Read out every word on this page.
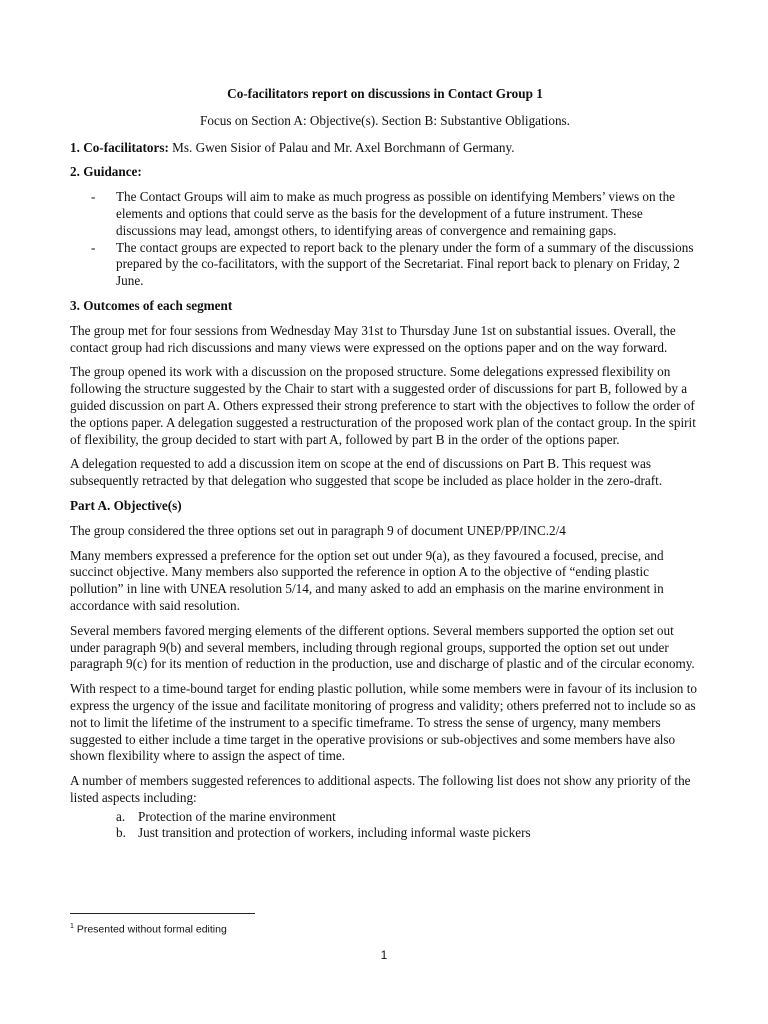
Co-facilitators report on discussions in Contact Group 1

Focus on Section A: Objective(s). Section B: Substantive Obligations.

1. Co-facilitators: Ms. Gwen Sisior of Palau and Mr. Axel Borchmann of Germany.

2. Guidance:

- The Contact Groups will aim to make as much progress as possible on identifying Members’ views on the elements and options that could serve as the basis for the development of a future instrument. These discussions may lead, amongst others, to identifying areas of convergence and remaining gaps.
- The contact groups are expected to report back to the plenary under the form of a summary of the discussions prepared by the co-facilitators, with the support of the Secretariat. Final report back to plenary on Friday, 2 June.

3. Outcomes of each segment

The group met for four sessions from Wednesday May 31st to Thursday June 1st on substantial issues. Overall, the contact group had rich discussions and many views were expressed on the options paper and on the way forward.

The group opened its work with a discussion on the proposed structure. Some delegations expressed flexibility on following the structure suggested by the Chair to start with a suggested order of discussions for part B, followed by a guided discussion on part A. Others expressed their strong preference to start with the objectives to follow the order of the options paper. A delegation suggested a restructuration of the proposed work plan of the contact group. In the spirit of flexibility, the group decided to start with part A, followed by part B in the order of the options paper.

A delegation requested to add a discussion item on scope at the end of discussions on Part B. This request was subsequently retracted by that delegation who suggested that scope be included as place holder in the zero-draft.

Part A. Objective(s)

The group considered the three options set out in paragraph 9 of document UNEP/PP/INC.2/4

Many members expressed a preference for the option set out under 9(a), as they favoured a focused, precise, and succinct objective. Many members also supported the reference in option A to the objective of “ending plastic pollution” in line with UNEA resolution 5/14, and many asked to add an emphasis on the marine environment in accordance with said resolution.

Several members favored merging elements of the different options. Several members supported the option set out under paragraph 9(b) and several members, including through regional groups, supported the option set out under paragraph 9(c) for its mention of reduction in the production, use and discharge of plastic and of the circular economy.

With respect to a time-bound target for ending plastic pollution, while some members were in favour of its inclusion to express the urgency of the issue and facilitate monitoring of progress and validity; others preferred not to include so as not to limit the lifetime of the instrument to a specific timeframe. To stress the sense of urgency, many members suggested to either include a time target in the operative provisions or sub-objectives and some members have also shown flexibility where to assign the aspect of time.

A number of members suggested references to additional aspects. The following list does not show any priority of the listed aspects including:

a. Protection of the marine environment
b. Just transition and protection of workers, including informal waste pickers
$^1$ Presented without formal editing
1
